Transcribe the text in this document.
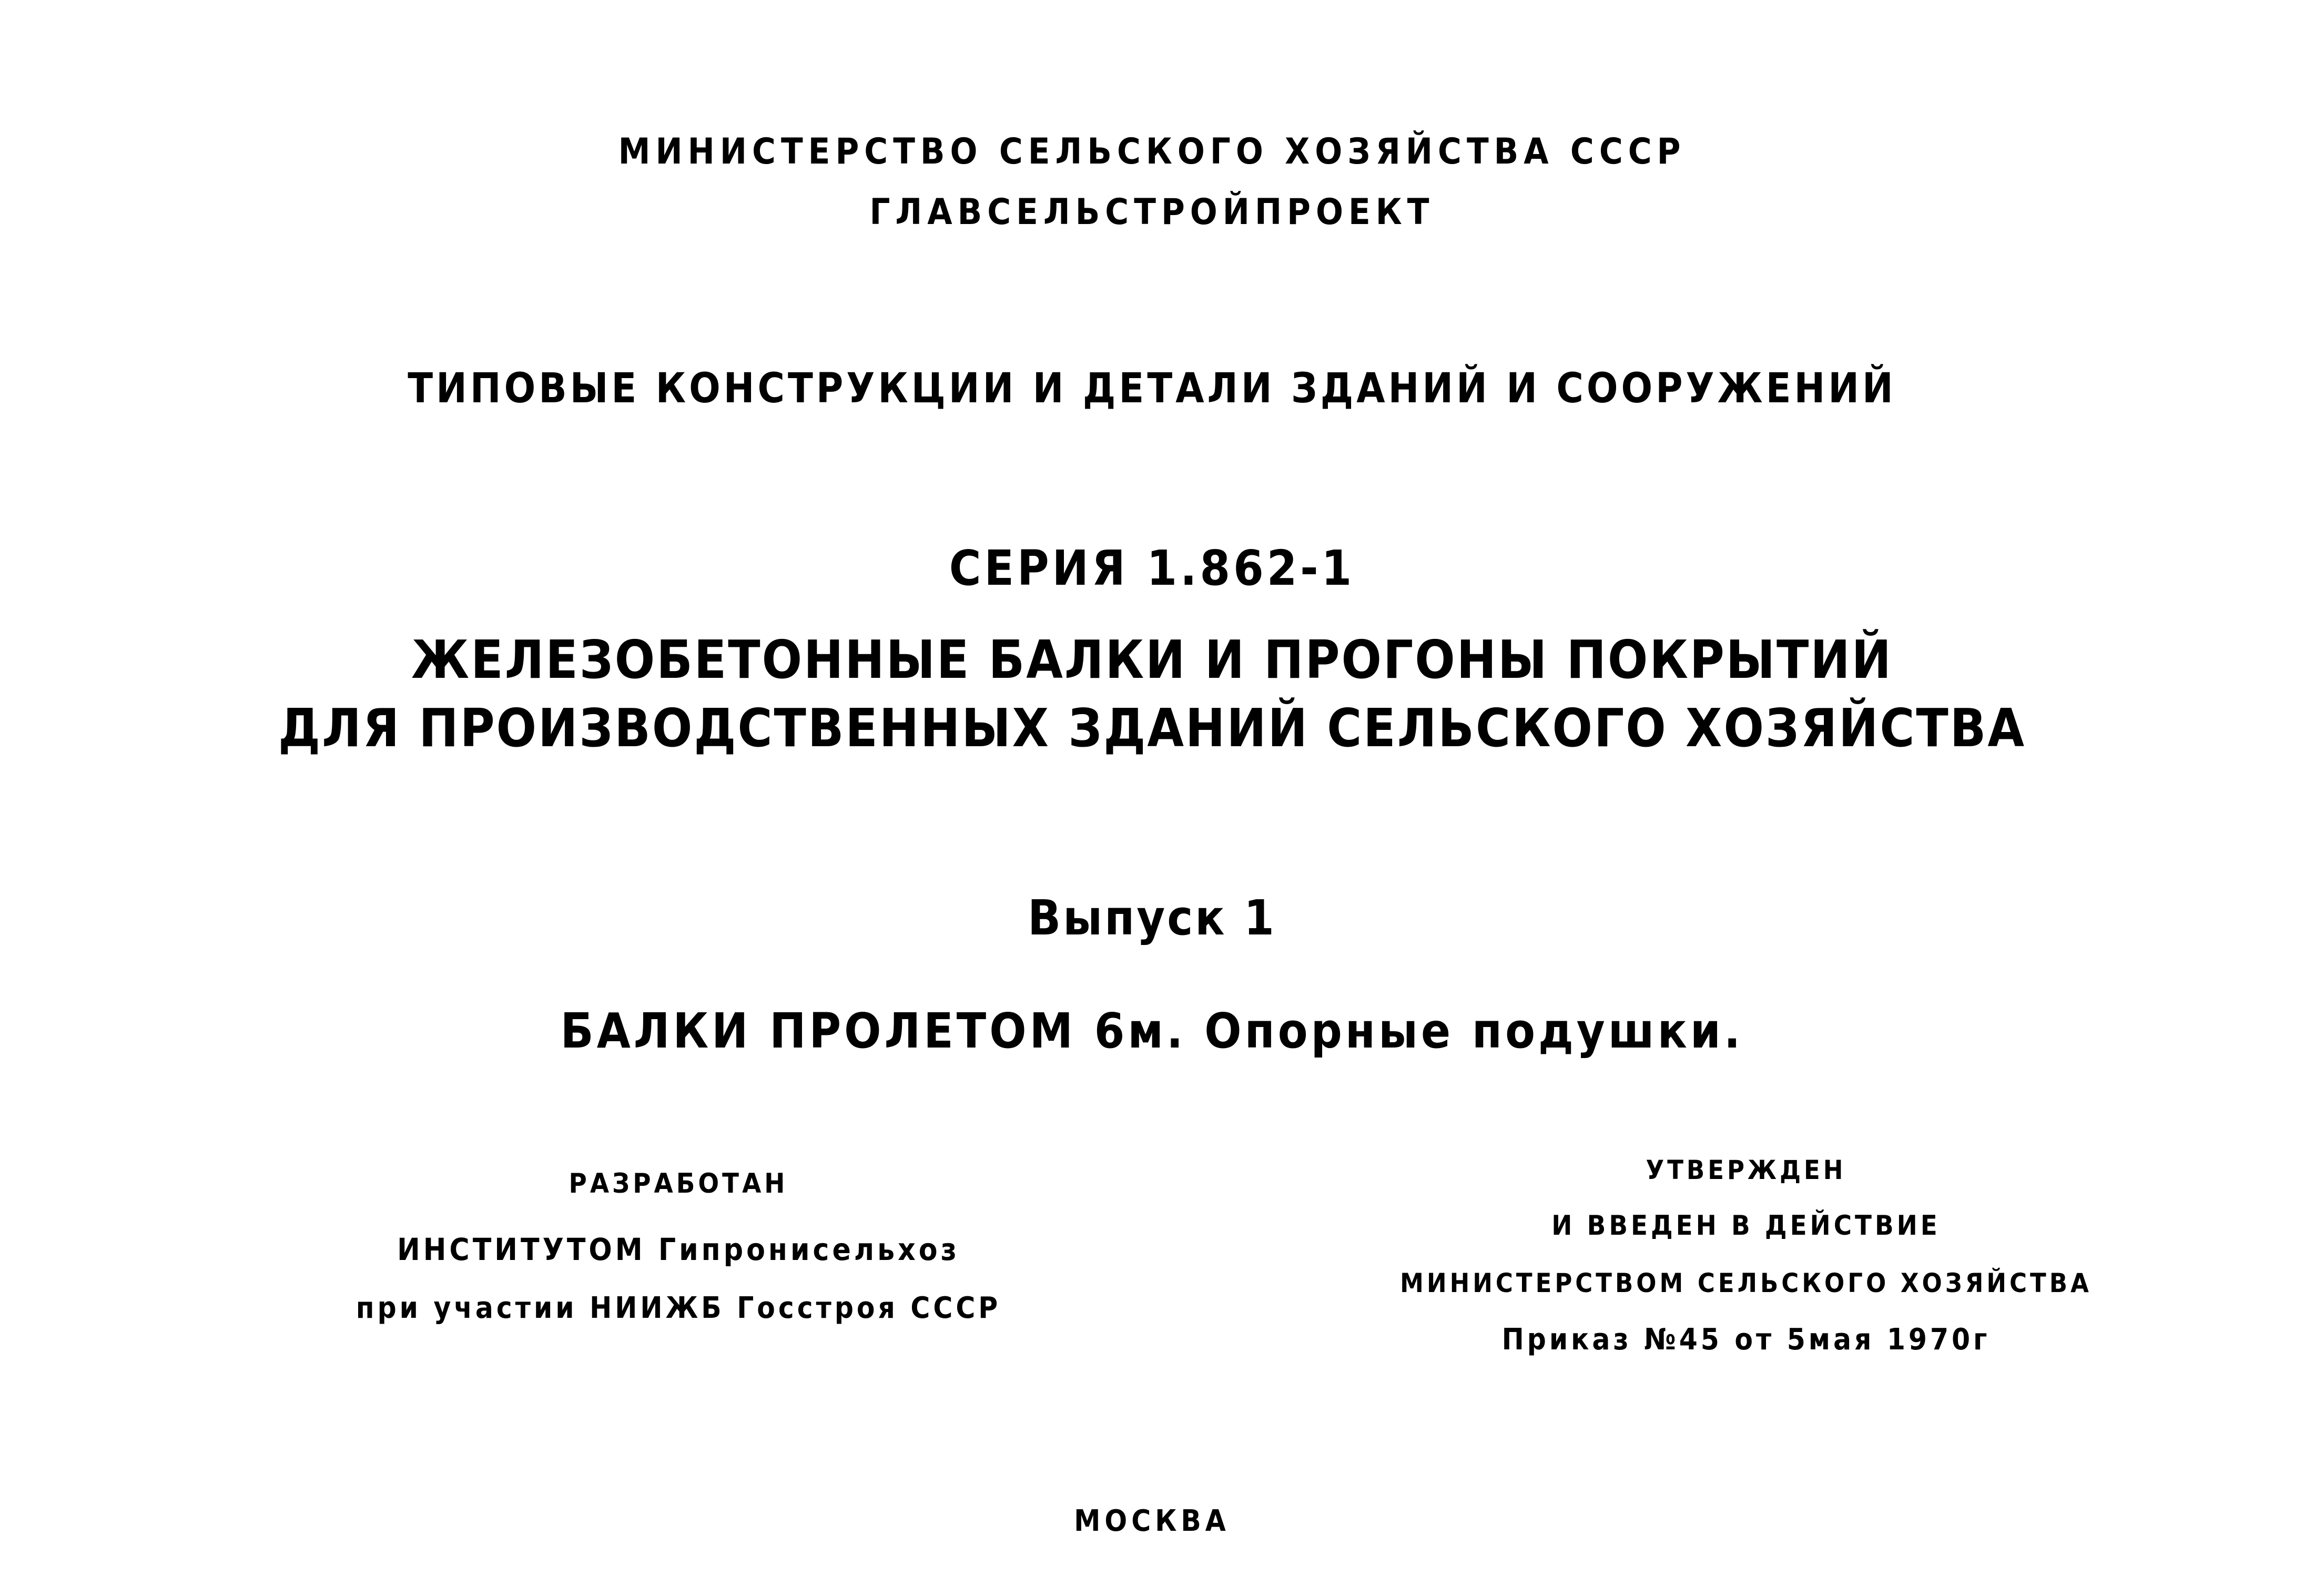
МИНИСТЕРСТВО СЕЛЬСКОГО ХОЗЯЙСТВА СССР
ГЛАВСЕЛЬСТРОЙПРОЕКТ
ТИПОВЫЕ КОНСТРУКЦИИ И ДЕТАЛИ ЗДАНИЙ И СООРУЖЕНИЙ
СЕРИЯ 1.862-1
ЖЕЛЕЗОБЕТОННЫЕ БАЛКИ И ПРОГОНЫ ПОКРЫТИЙ
ДЛЯ ПРОИЗВОДСТВЕННЫХ ЗДАНИЙ СЕЛЬСКОГО ХОЗЯЙСТВА
Выпуск 1
БАЛКИ ПРОЛЕТОМ 6м. Опорные подушки.
РАЗРАБОТАН
ИНСТИТУТОМ Гипронисельхоз
при участии НИИЖБ Госстроя СССР
УТВЕРЖДЕН
И ВВЕДЕН В ДЕЙСТВИЕ
МИНИСТЕРСТВОМ СЕЛЬСКОГО ХОЗЯЙСТВА
Приказ №45 от 5мая 1970г
МОСКВА
